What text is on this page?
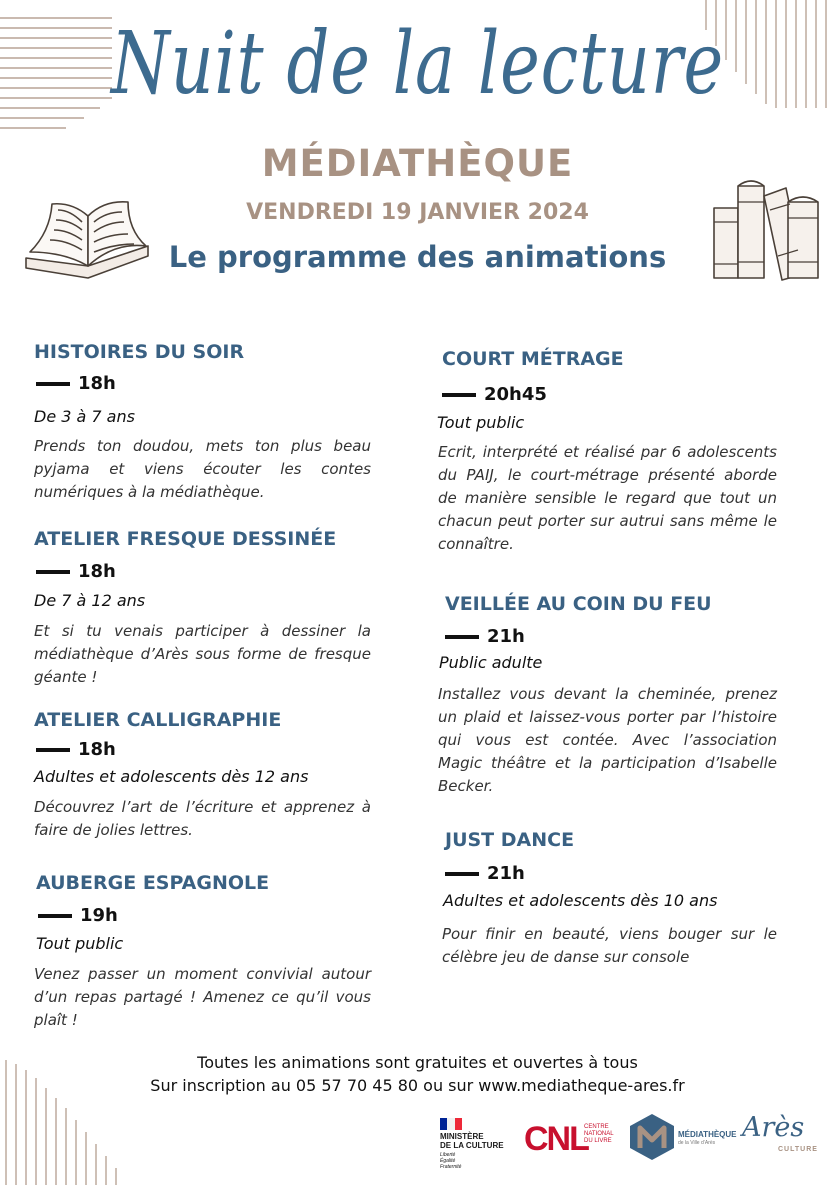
Nuit de la lecture
MÉDIATHÈQUE
VENDREDI 19 JANVIER 2024
Le programme des animations
HISTOIRES DU SOIR
18h
De 3 à 7 ans
Prends ton doudou, mets ton plus beau pyjama et viens écouter les contes numériques à la médiathèque.
ATELIER FRESQUE DESSINÉE
18h
De 7 à 12 ans
Et si tu venais participer à dessiner la médiathèque d’Arès sous forme de fresque géante !
ATELIER CALLIGRAPHIE
18h
Adultes et adolescents dès 12 ans
Découvrez l’art de l’écriture et apprenez à faire de jolies lettres.
AUBERGE ESPAGNOLE
19h
Tout public
Venez passer un moment convivial autour d’un repas partagé ! Amenez ce qu’il vous plaît !
COURT MÉTRAGE
20h45
Tout public
Ecrit, interprété et réalisé par 6 adolescents du PAIJ, le court-métrage présenté aborde de manière sensible le regard que tout un chacun peut porter sur autrui sans même le connaître.
VEILLÉE AU COIN DU FEU
21h
Public adulte
Installez vous devant la cheminée, prenez un plaid et laissez-vous porter par l’histoire qui vous est contée. Avec l’association Magic théâtre et la participation d’Isabelle Becker.
JUST DANCE
21h
Adultes et adolescents dès 10 ans
Pour finir en beauté, viens bouger sur le célèbre jeu de danse sur console
Toutes les animations sont gratuites et ouvertes à tous
Sur inscription au 05 57 70 45 80 ou sur www.mediatheque-ares.fr
MINISTÈRE
DE LA CULTURE
Liberté
Égalité
Fraternité
CNL
CENTRE
NATIONAL
DU LIVRE
MÉDIATHÈQUE
de la Ville d’Arès Arès
CULTURE
